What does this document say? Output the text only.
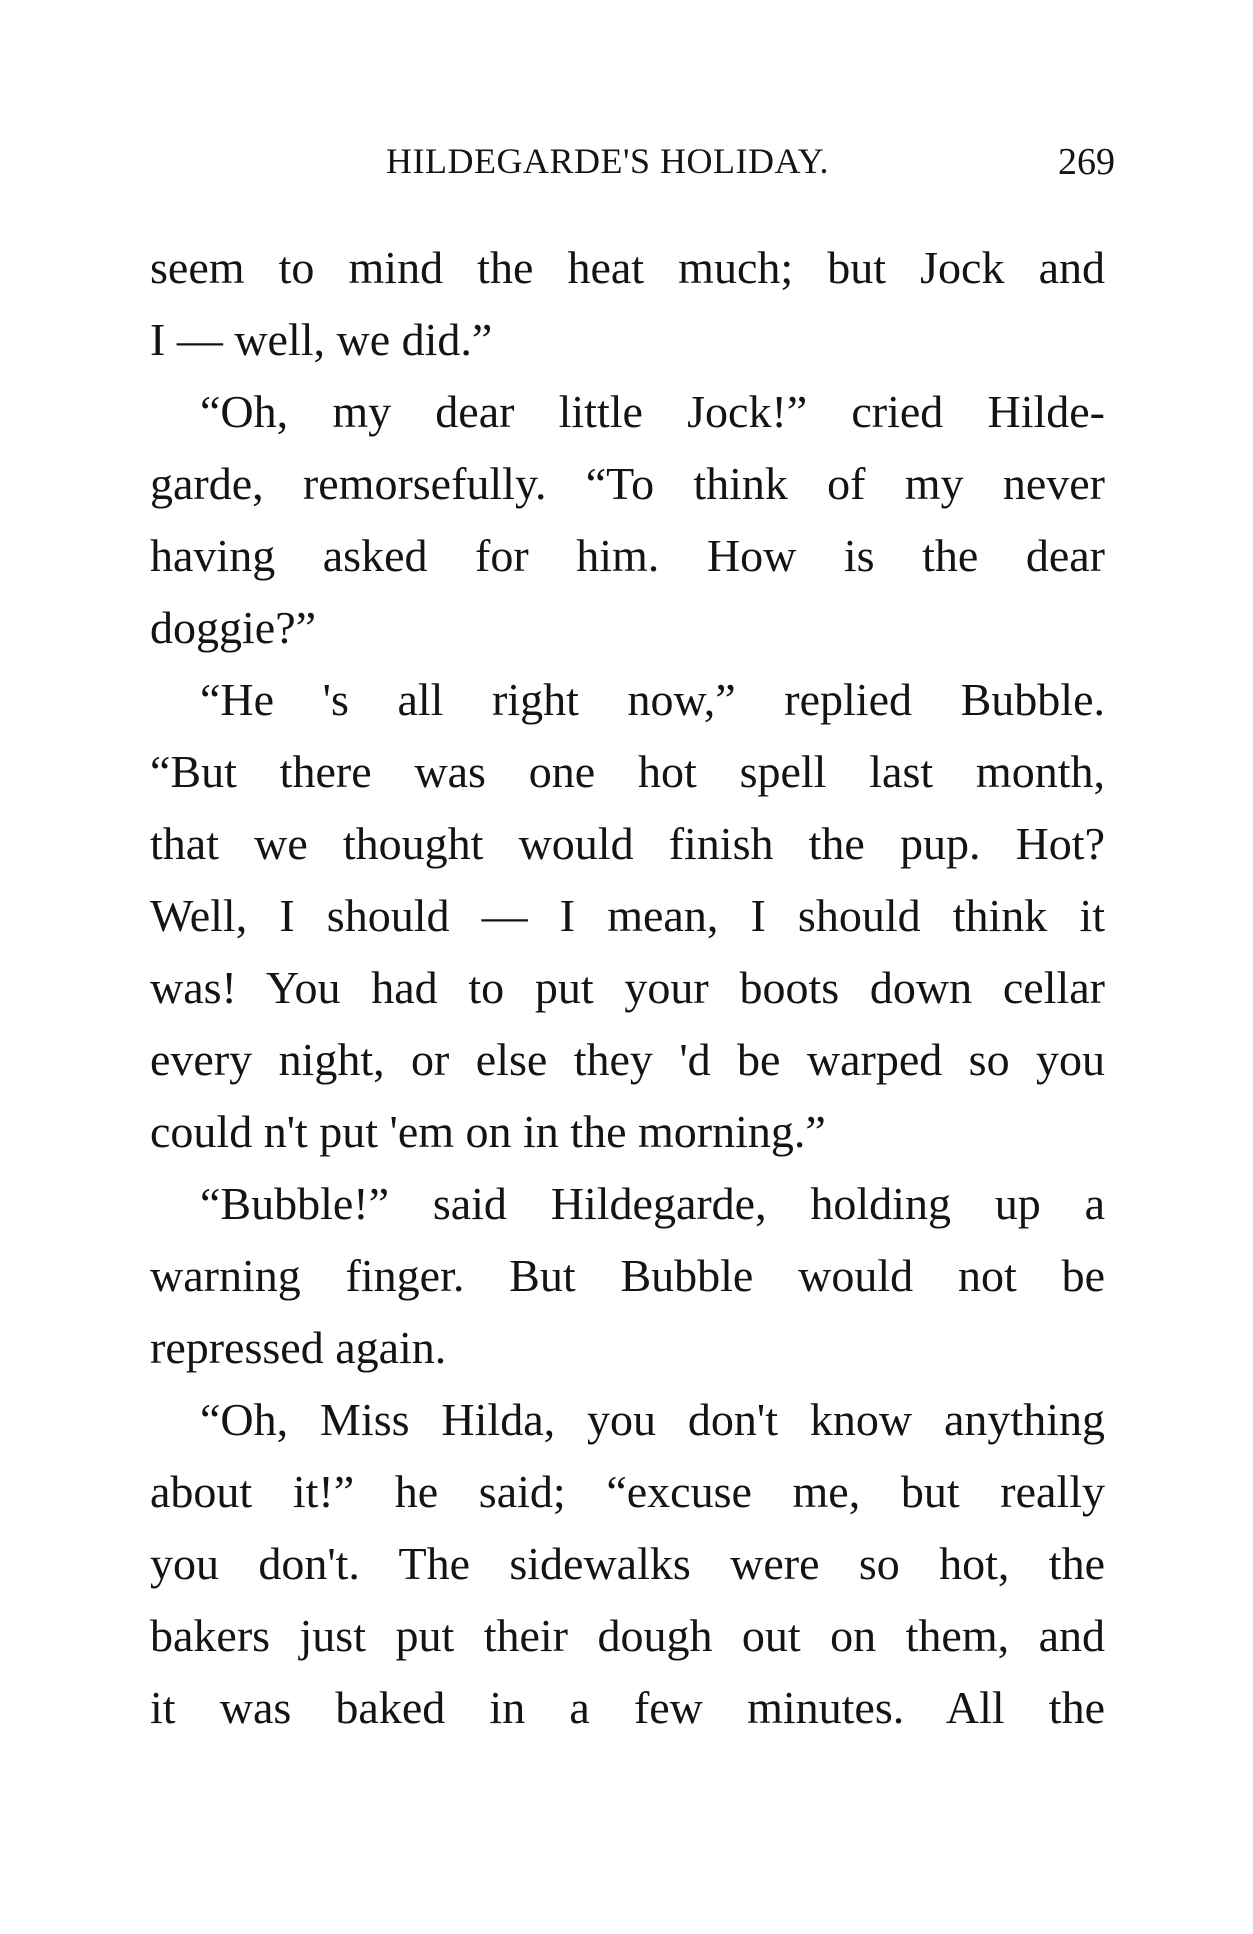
HILDEGARDE'S HOLIDAY.	269
seem to mind the heat much; but Jock and
I — well, we did.”
“Oh, my dear little Jock!” cried Hilde-
garde, remorsefully. “To think of my never
having asked for him. How is the dear
doggie?”
“He 's all right now,” replied Bubble.
“But there was one hot spell last month,
that we thought would finish the pup. Hot?
Well, I should — I mean, I should think it
was! You had to put your boots down cellar
every night, or else they 'd be warped so you
could n't put 'em on in the morning.”
“Bubble!” said Hildegarde, holding up a
warning finger. But Bubble would not be
repressed again.
“Oh, Miss Hilda, you don't know anything
about it!” he said; “excuse me, but really
you don't. The sidewalks were so hot, the
bakers just put their dough out on them, and
it was baked in a few minutes. All the
